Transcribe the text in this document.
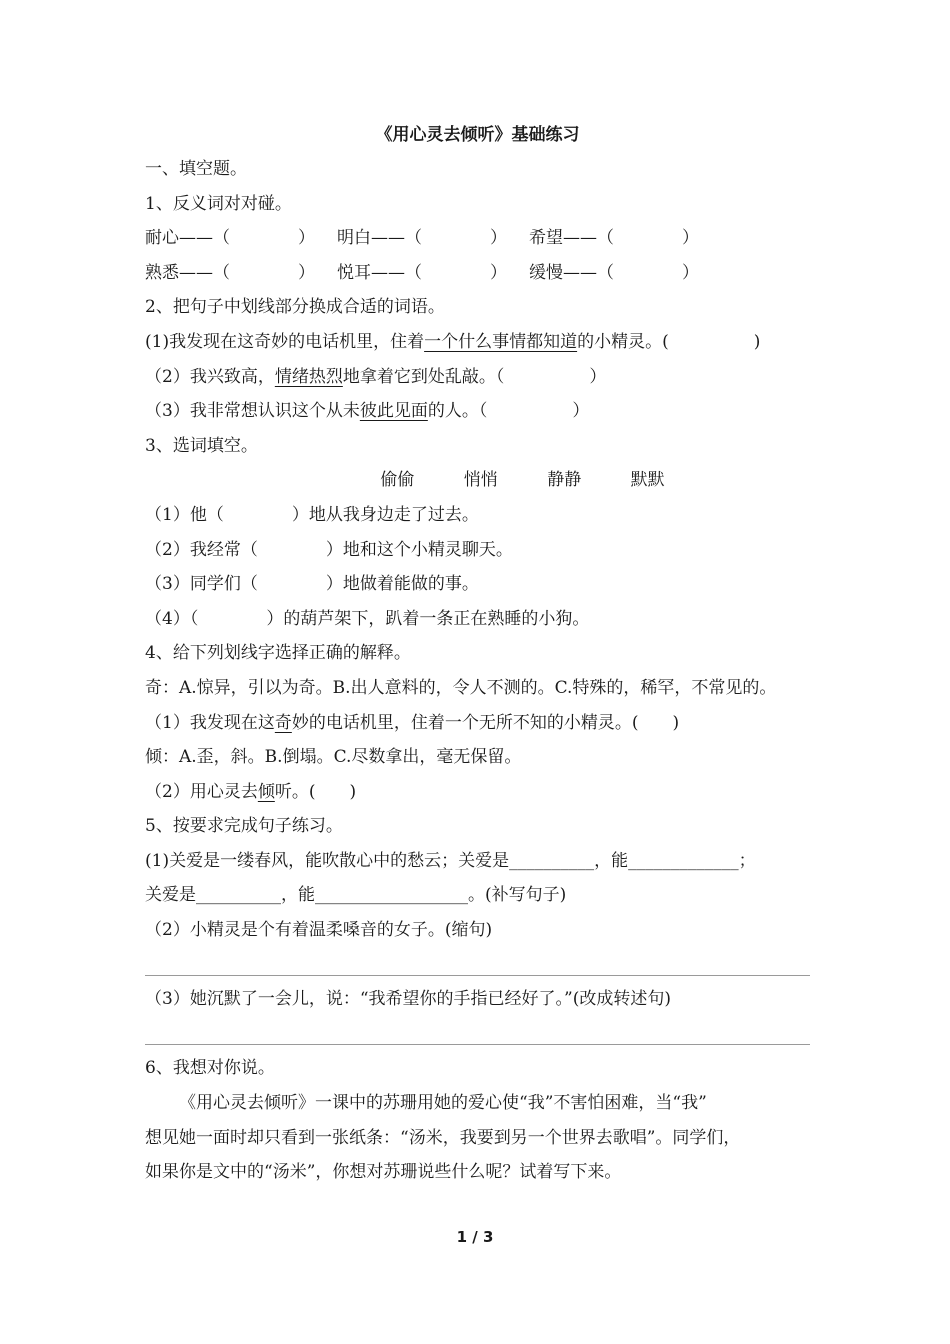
《用心灵去倾听》基础练习
一、填空题。
1、反义词对对碰。
耐心——（　　　　）	明白——（　　　　）	希望——（　　　　）
熟悉——（　　　　）	悦耳——（　　　　）	缓慢——（　　　　）
2、把句子中划线部分换成合适的词语。
(1)我发现在这奇妙的电话机里，住着一个什么事情都知道的小精灵。(　　　　　)
（2）我兴致高，情绪热烈地拿着它到处乱敲。（　　　　　）
（3）我非常想认识这个从未彼此见面的人。（　　　　　）
3、选词填空。
偷偷	悄悄	静静	默默
（1）他（　　　　）地从我身边走了过去。
（2）我经常（　　　　）地和这个小精灵聊天。
（3）同学们（　　　　）地做着能做的事。
（4）（　　　　）的葫芦架下，趴着一条正在熟睡的小狗。
4、给下列划线字选择正确的解释。
奇：A.惊异，引以为奇。B.出人意料的，令人不测的。C.特殊的，稀罕，不常见的。
（1）我发现在这奇妙的电话机里，住着一个无所不知的小精灵。(　　)
倾：A.歪，斜。B.倒塌。C.尽数拿出，毫无保留。
（2）用心灵去倾听。(　　)
5、按要求完成句子练习。
(1)关爱是一缕春风，能吹散心中的愁云；关爱是__________，能_____________；
关爱是__________，能__________________。(补写句子)
（2）小精灵是个有着温柔嗓音的女子。(缩句)
（3）她沉默了一会儿，说：“我希望你的手指已经好了。”(改成转述句)
6、我想对你说。
《用心灵去倾听》一课中的苏珊用她的爱心使“我”不害怕困难，当“我”
想见她一面时却只看到一张纸条：“汤米，我要到另一个世界去歌唱”。同学们，
如果你是文中的“汤米”，你想对苏珊说些什么呢？试着写下来。
1 / 3
